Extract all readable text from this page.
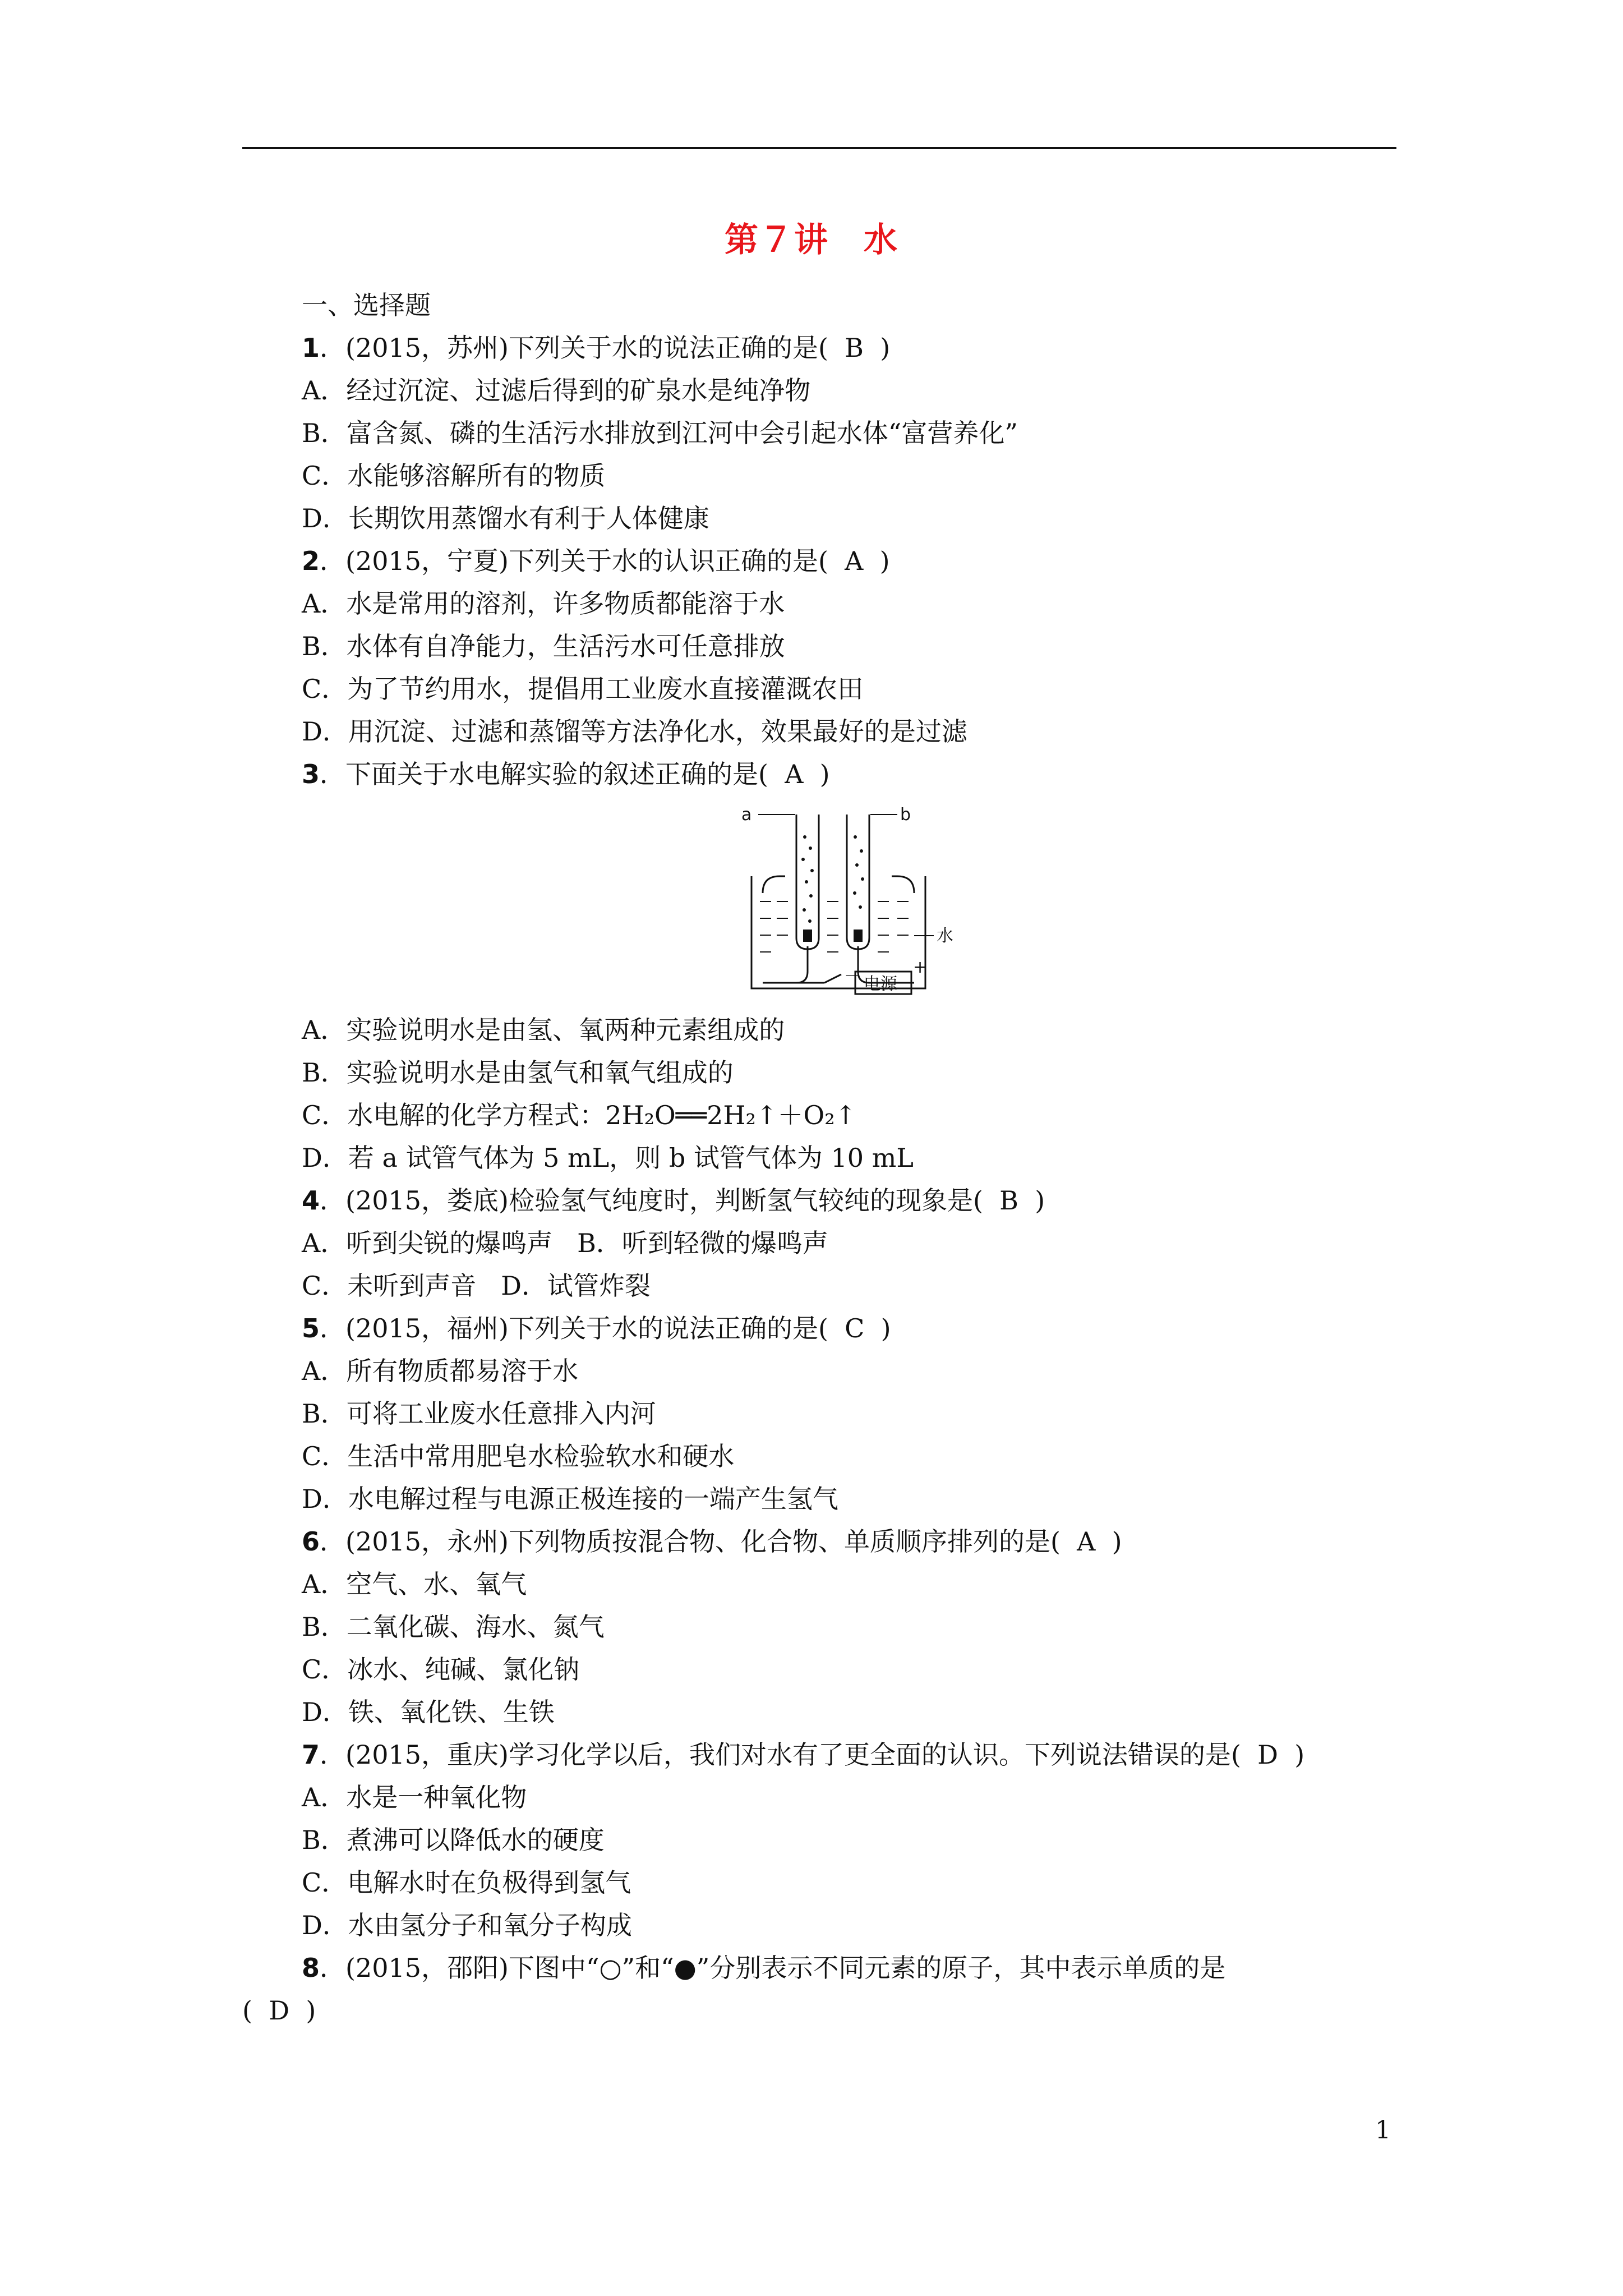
第７讲　水
一、选择题
1．(2015，苏州)下列关于水的说法正确的是(  B  )
A．经过沉淀、过滤后得到的矿泉水是纯净物
B．富含氮、磷的生活污水排放到江河中会引起水体“富营养化”
C．水能够溶解所有的物质
D．长期饮用蒸馏水有利于人体健康
2．(2015，宁夏)下列关于水的认识正确的是(  A  )
A．水是常用的溶剂，许多物质都能溶于水
B．水体有自净能力，生活污水可任意排放
C．为了节约用水，提倡用工业废水直接灌溉农田
D．用沉淀、过滤和蒸馏等方法净化水，效果最好的是过滤
3．下面关于水电解实验的叙述正确的是(  A  )
a	b
水
电源
－	+
A．实验说明水是由氢、氧两种元素组成的
B．实验说明水是由氢气和氧气组成的
C．水电解的化学方程式：2H₂O══2H₂↑＋O₂↑
D．若 a 试管气体为 5 mL，则 b 试管气体为 10 mL
4．(2015，娄底)检验氢气纯度时，判断氢气较纯的现象是(  B  )
A．听到尖锐的爆鸣声   B．听到轻微的爆鸣声
C．未听到声音   D．试管炸裂
5．(2015，福州)下列关于水的说法正确的是(  C  )
A．所有物质都易溶于水
B．可将工业废水任意排入内河
C．生活中常用肥皂水检验软水和硬水
D．水电解过程与电源正极连接的一端产生氢气
6．(2015，永州)下列物质按混合物、化合物、单质顺序排列的是(  A  )
A．空气、水、氧气
B．二氧化碳、海水、氮气
C．冰水、纯碱、氯化钠
D．铁、氧化铁、生铁
7．(2015，重庆)学习化学以后，我们对水有了更全面的认识。下列说法错误的是(  D  )
A．水是一种氧化物
B．煮沸可以降低水的硬度
C．电解水时在负极得到氢气
D．水由氢分子和氧分子构成
8．(2015，邵阳)下图中“○”和“●”分别表示不同元素的原子，其中表示单质的是
(  D  )
1
